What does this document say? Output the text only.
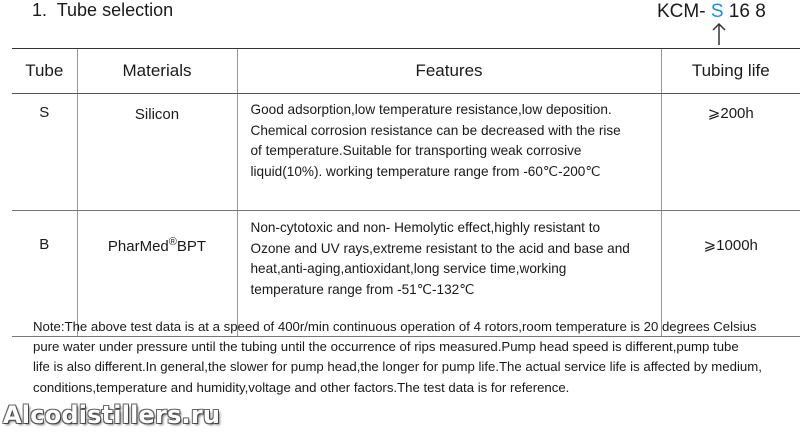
1. Tube selection	KCM- S 16 8
Tube	Materials	Features	Tubing life
S	Silicon	Good adsorption,low temperature resistance,low deposition.
Chemical corrosion resistance can be decreased with the rise
of temperature.Suitable for transporting weak corrosive
liquid(10%). working temperature range from -60℃-200℃	⩾200h
B	PharMed®BPT	Non-cytotoxic and non- Hemolytic effect,highly resistant to
Ozone and UV rays,extreme resistant to the acid and base and
heat,anti-aging,antioxidant,long service time,working
temperature range from -51℃-132℃	⩾1000h
Note:The above test data is at a speed of 400r/min continuous operation of 4 rotors,room temperature is 20 degrees Celsius
pure water under pressure until the tubing until the occurrence of rips measured.Pump head speed is different,pump tube
life is also different.In general,the slower for pump head,the longer for pump life.The actual service life is affected by medium,
conditions,temperature and humidity,voltage and other factors.The test data is for reference.
Alcodistillers.ru
